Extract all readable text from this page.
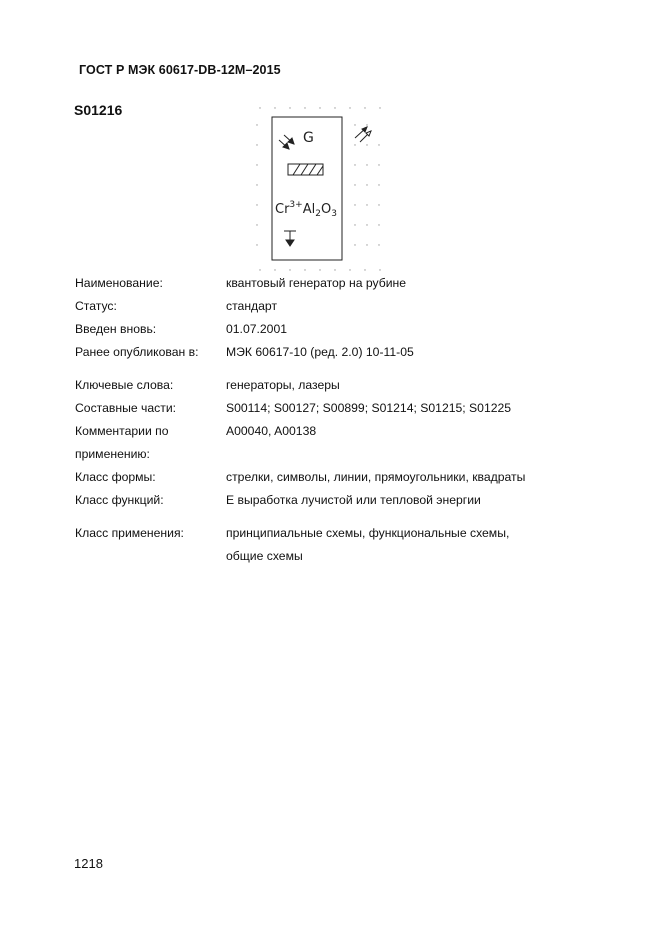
ГОСТ Р МЭК 60617-DB-12M–2015
S01216
G
$Cr^{3+}Al_2O_3$
Наименование:	квантовый генератор на рубине
Статус:	стандарт
Введен вновь:	01.07.2001
Ранее опубликован в: МЭК 60617-10 (ред. 2.0) 10-11-05
Ключевые слова:	генераторы, лазеры
Составные части:	S00114; S00127; S00899; S01214; S01215; S01225
Комментарии по	A00040, A00138
применению:
Класс формы:	стрелки, символы, линии, прямоугольники, квадраты
Класс функций:	E выработка лучистой или тепловой энергии
Класс применения:	принципиальные схемы, функциональные схемы,
общие схемы
1218
